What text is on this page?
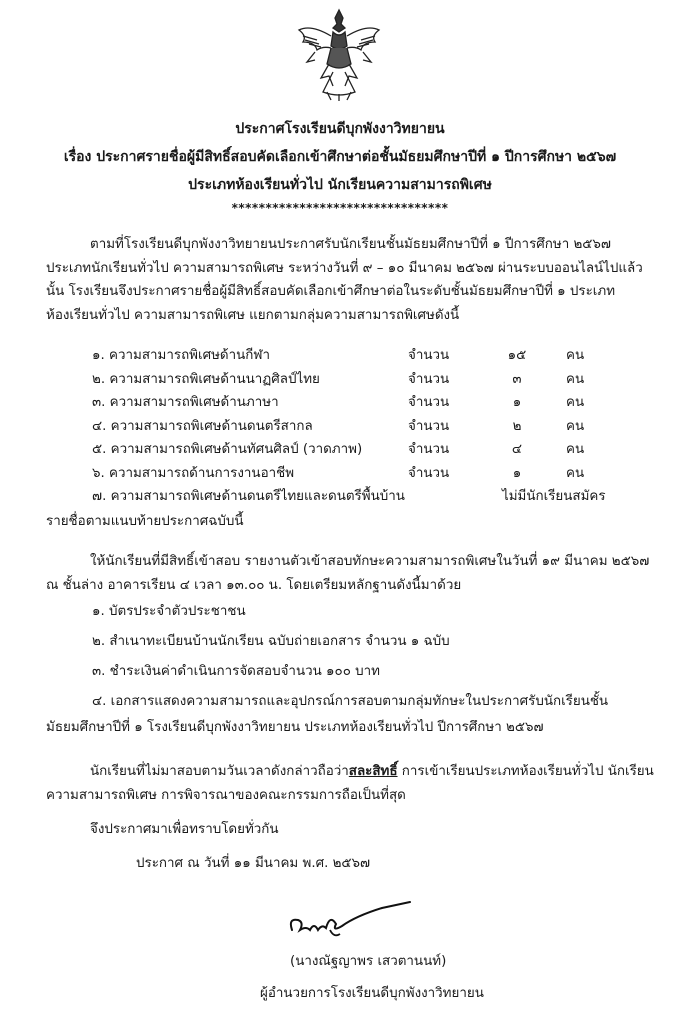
ประกาศโรงเรียนดีบุกพังงาวิทยายน
เรื่อง ประกาศรายชื่อผู้มีสิทธิ์สอบคัดเลือกเข้าศึกษาต่อชั้นมัธยมศึกษาปีที่ ๑ ปีการศึกษา ๒๕๖๗
ประเภทห้องเรียนทั่วไป นักเรียนความสามารถพิเศษ
********************************
ตามที่โรงเรียนดีบุกพังงาวิทยายนประกาศรับนักเรียนชั้นมัธยมศึกษาปีที่ ๑ ปีการศึกษา ๒๕๖๗
ประเภทนักเรียนทั่วไป ความสามารถพิเศษ ระหว่างวันที่ ๙ – ๑๐ มีนาคม ๒๕๖๗ ผ่านระบบออนไลน์ไปแล้ว
นั้น โรงเรียนจึงประกาศรายชื่อผู้มีสิทธิ์สอบคัดเลือกเข้าศึกษาต่อในระดับชั้นมัธยมศึกษาปีที่ ๑ ประเภท
ห้องเรียนทั่วไป ความสามารถพิเศษ แยกตามกลุ่มความสามารถพิเศษดังนี้
๑. ความสามารถพิเศษด้านกีฬา	จำนวน	๑๕	คน
๒. ความสามารถพิเศษด้านนาฏศิลป์ไทย	จำนวน	๓	คน
๓. ความสามารถพิเศษด้านภาษา	จำนวน	๑	คน
๔. ความสามารถพิเศษด้านดนตรีสากล	จำนวน	๒	คน
๕. ความสามารถพิเศษด้านทัศนศิลป์ (วาดภาพ)	จำนวน	๔	คน
๖. ความสามารถด้านการงานอาชีพ	จำนวน	๑	คน
๗. ความสามารถพิเศษด้านดนตรีไทยและดนตรีพื้นบ้าน	ไม่มีนักเรียนสมัคร
รายชื่อตามแนบท้ายประกาศฉบับนี้
ให้นักเรียนที่มีสิทธิ์เข้าสอบ รายงานตัวเข้าสอบทักษะความสามารถพิเศษในวันที่ ๑๙ มีนาคม ๒๕๖๗
ณ ชั้นล่าง อาคารเรียน ๔ เวลา ๑๓.๐๐ น. โดยเตรียมหลักฐานดังนี้มาด้วย
๑. บัตรประจำตัวประชาชน
๒. สำเนาทะเบียนบ้านนักเรียน ฉบับถ่ายเอกสาร จำนวน ๑ ฉบับ
๓. ชำระเงินค่าดำเนินการจัดสอบจำนวน ๑๐๐ บาท
๔. เอกสารแสดงความสามารถและอุปกรณ์การสอบตามกลุ่มทักษะในประกาศรับนักเรียนชั้น
มัธยมศึกษาปีที่ ๑ โรงเรียนดีบุกพังงาวิทยายน ประเภทห้องเรียนทั่วไป ปีการศึกษา ๒๕๖๗
นักเรียนที่ไม่มาสอบตามวันเวลาดังกล่าวถือว่าสละสิทธิ์ การเข้าเรียนประเภทห้องเรียนทั่วไป นักเรียน
ความสามารถพิเศษ การพิจารณาของคณะกรรมการถือเป็นที่สุด
จึงประกาศมาเพื่อทราบโดยทั่วกัน
ประกาศ ณ วันที่ ๑๑ มีนาคม พ.ศ. ๒๕๖๗
(นางณัฐญาพร เสวตานนท์)
ผู้อำนวยการโรงเรียนดีบุกพังงาวิทยายน
